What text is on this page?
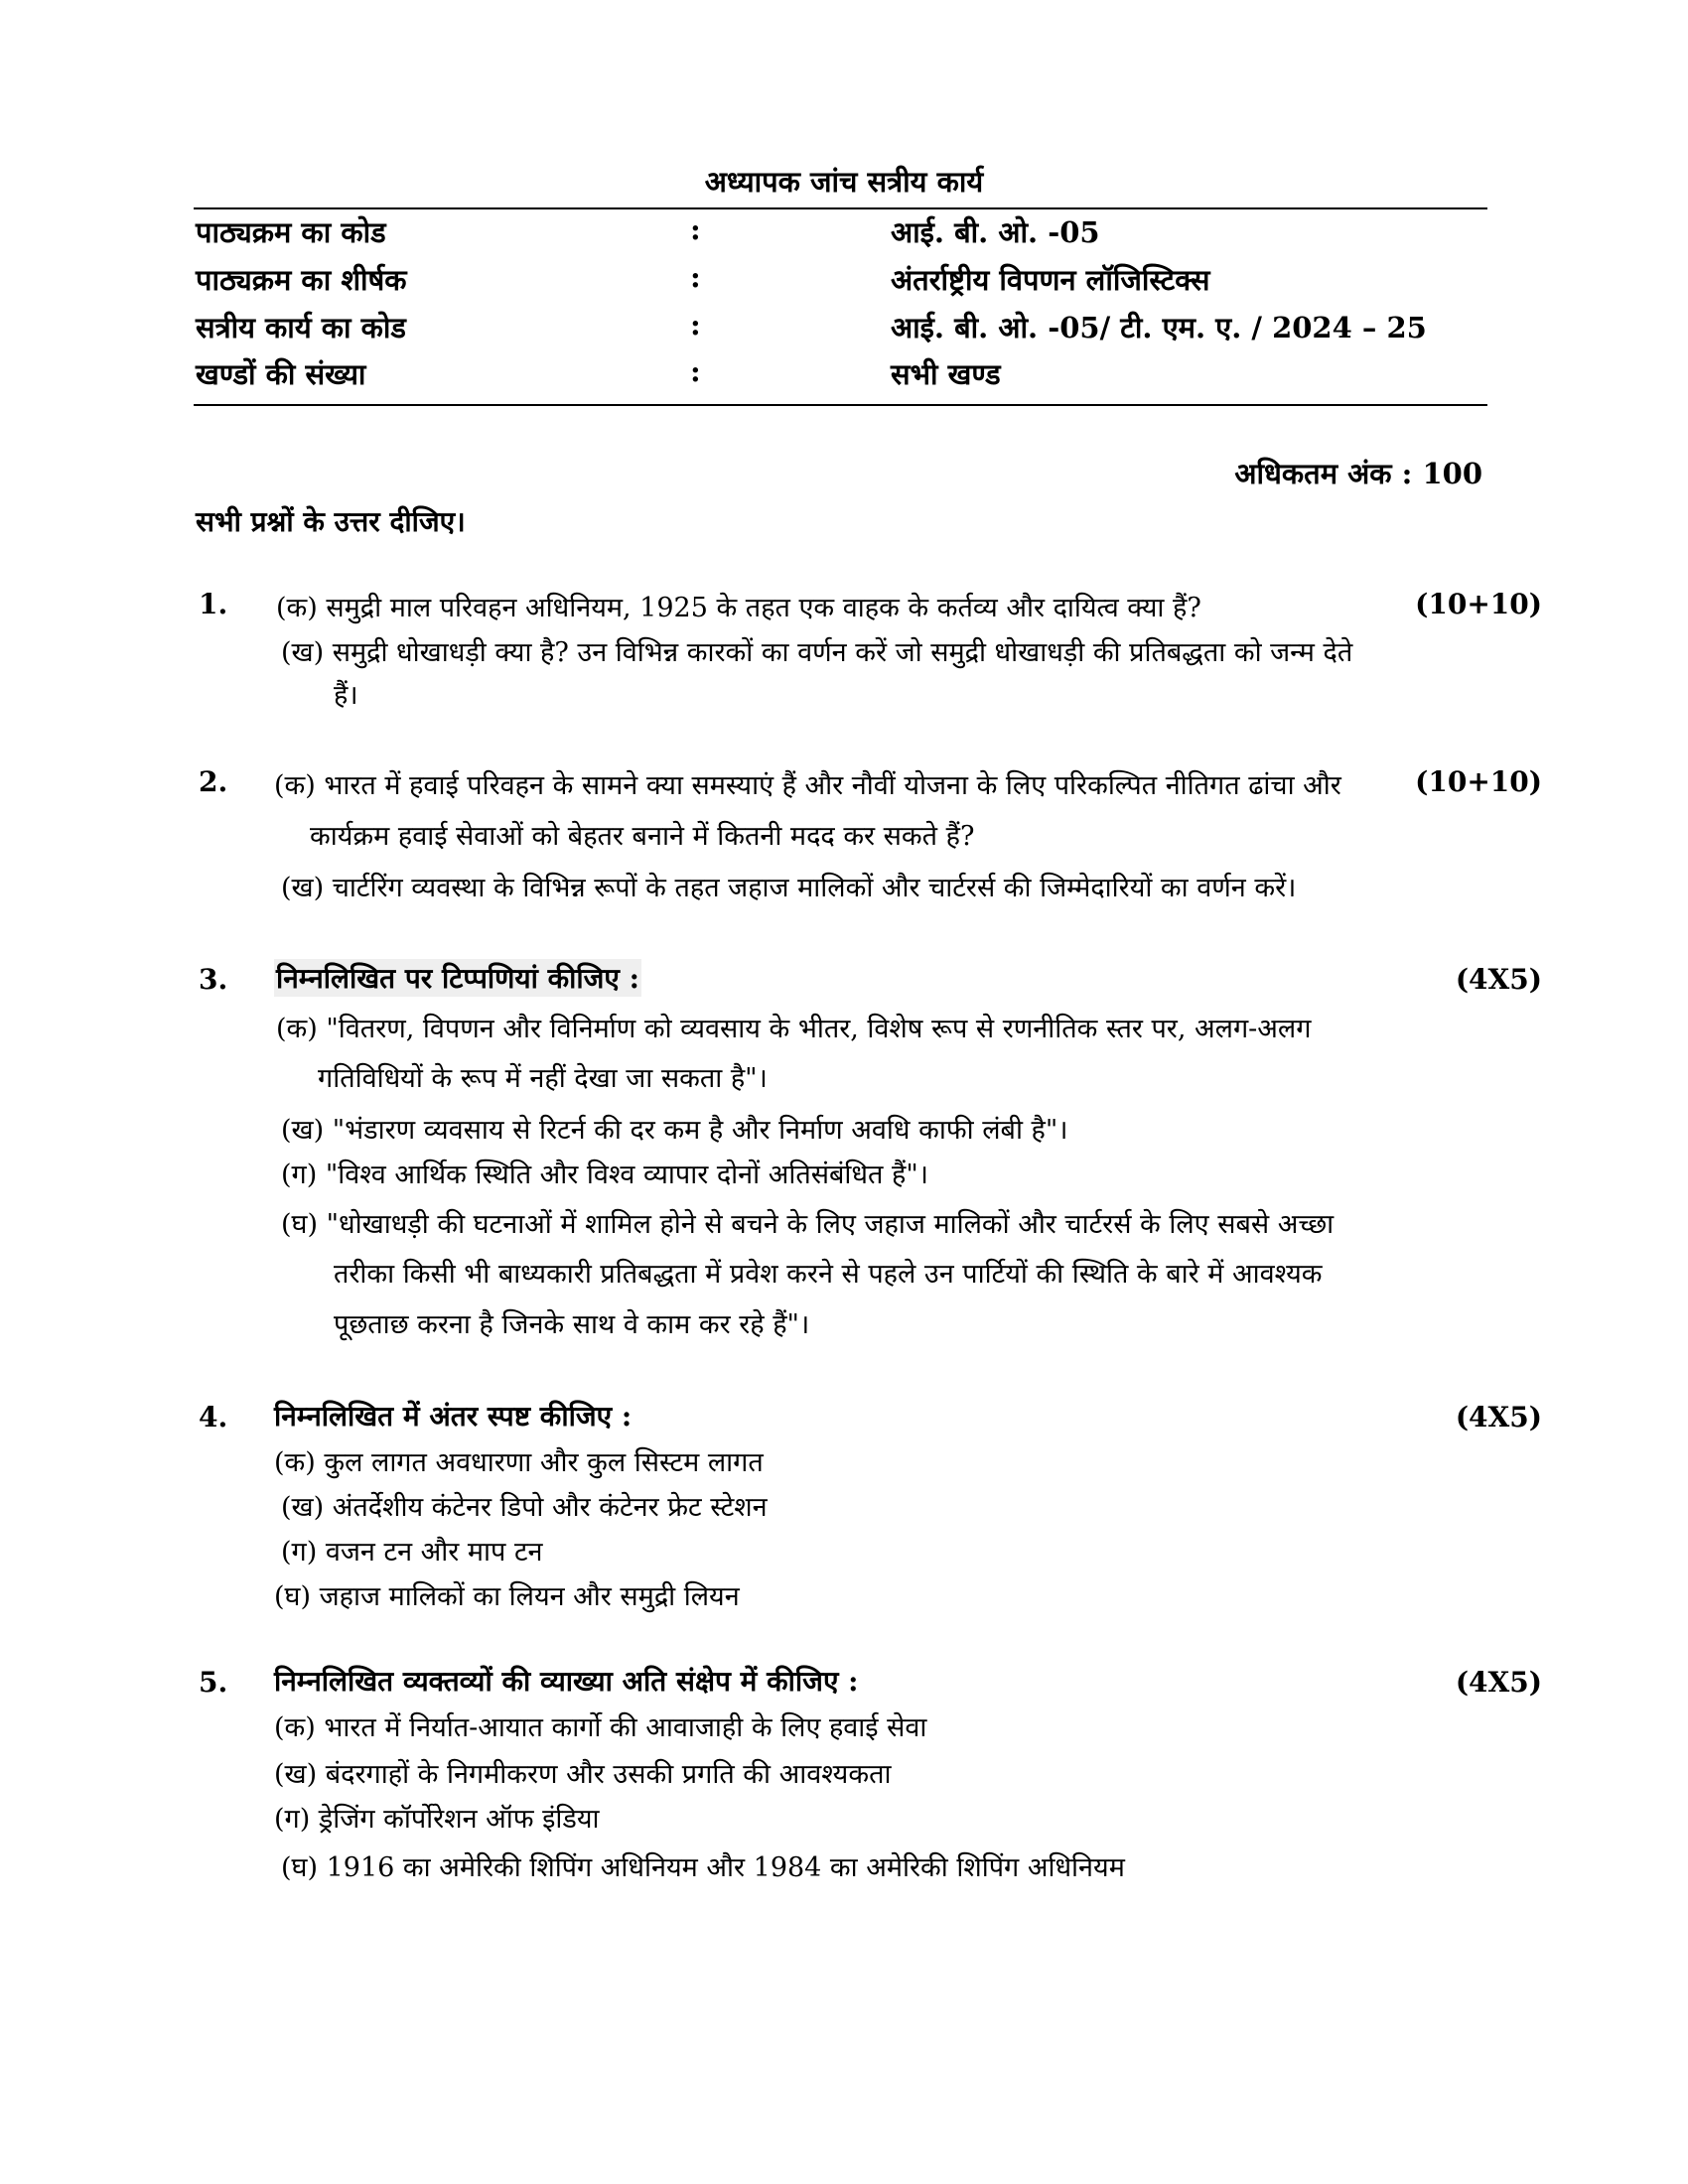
अध्यापक जांच सत्रीय कार्य
पाठ्यक्रम का कोड	:	आई. बी. ओ. -05
पाठ्यक्रम का शीर्षक	:	अंतर्राष्ट्रीय विपणन लॉजिस्टिक्स
सत्रीय कार्य का कोड	:	आई. बी. ओ. -05/ टी. एम. ए. / 2024 – 25
खण्डों की संख्या	:	सभी खण्ड
अधिकतम अंक : 100
सभी प्रश्नों के उत्तर दीजिए।
1.	(10+10)
(क) समुद्री माल परिवहन अधिनियम, 1925 के तहत एक वाहक के कर्तव्य और दायित्व क्या हैं?
(ख) समुद्री धोखाधड़ी क्या है? उन विभिन्न कारकों का वर्णन करें जो समुद्री धोखाधड़ी की प्रतिबद्धता को जन्म देते
हैं।
2.	(10+10)
(क) भारत में हवाई परिवहन के सामने क्या समस्याएं हैं और नौवीं योजना के लिए परिकल्पित नीतिगत ढांचा और
कार्यक्रम हवाई सेवाओं को बेहतर बनाने में कितनी मदद कर सकते हैं?
(ख) चार्टरिंग व्यवस्था के विभिन्न रूपों के तहत जहाज मालिकों और चार्टरर्स की जिम्मेदारियों का वर्णन करें।
3.	(4X5)
निम्नलिखित पर टिप्पणियां कीजिए :
(क) "वितरण, विपणन और विनिर्माण को व्यवसाय के भीतर, विशेष रूप से रणनीतिक स्तर पर, अलग-अलग
गतिविधियों के रूप में नहीं देखा जा सकता है"।
(ख) "भंडारण व्यवसाय से रिटर्न की दर कम है और निर्माण अवधि काफी लंबी है"।
(ग) "विश्व आर्थिक स्थिति और विश्व व्यापार दोनों अतिसंबंधित हैं"।
(घ) "धोखाधड़ी की घटनाओं में शामिल होने से बचने के लिए जहाज मालिकों और चार्टरर्स के लिए सबसे अच्छा
तरीका किसी भी बाध्यकारी प्रतिबद्धता में प्रवेश करने से पहले उन पार्टियों की स्थिति के बारे में आवश्यक
पूछताछ करना है जिनके साथ वे काम कर रहे हैं"।
4.	(4X5)
निम्नलिखित में अंतर स्पष्ट कीजिए :
(क) कुल लागत अवधारणा और कुल सिस्टम लागत
(ख) अंतर्देशीय कंटेनर डिपो और कंटेनर फ्रेट स्टेशन
(ग) वजन टन और माप टन
(घ) जहाज मालिकों का लियन और समुद्री लियन
5.	(4X5)
निम्नलिखित व्यक्तव्यों की व्याख्या अति संक्षेप में कीजिए :
(क) भारत में निर्यात-आयात कार्गो की आवाजाही के लिए हवाई सेवा
(ख) बंदरगाहों के निगमीकरण और उसकी प्रगति की आवश्यकता
(ग) ड्रेजिंग कॉर्पोरेशन ऑफ इंडिया
(घ) 1916 का अमेरिकी शिपिंग अधिनियम और 1984 का अमेरिकी शिपिंग अधिनियम
